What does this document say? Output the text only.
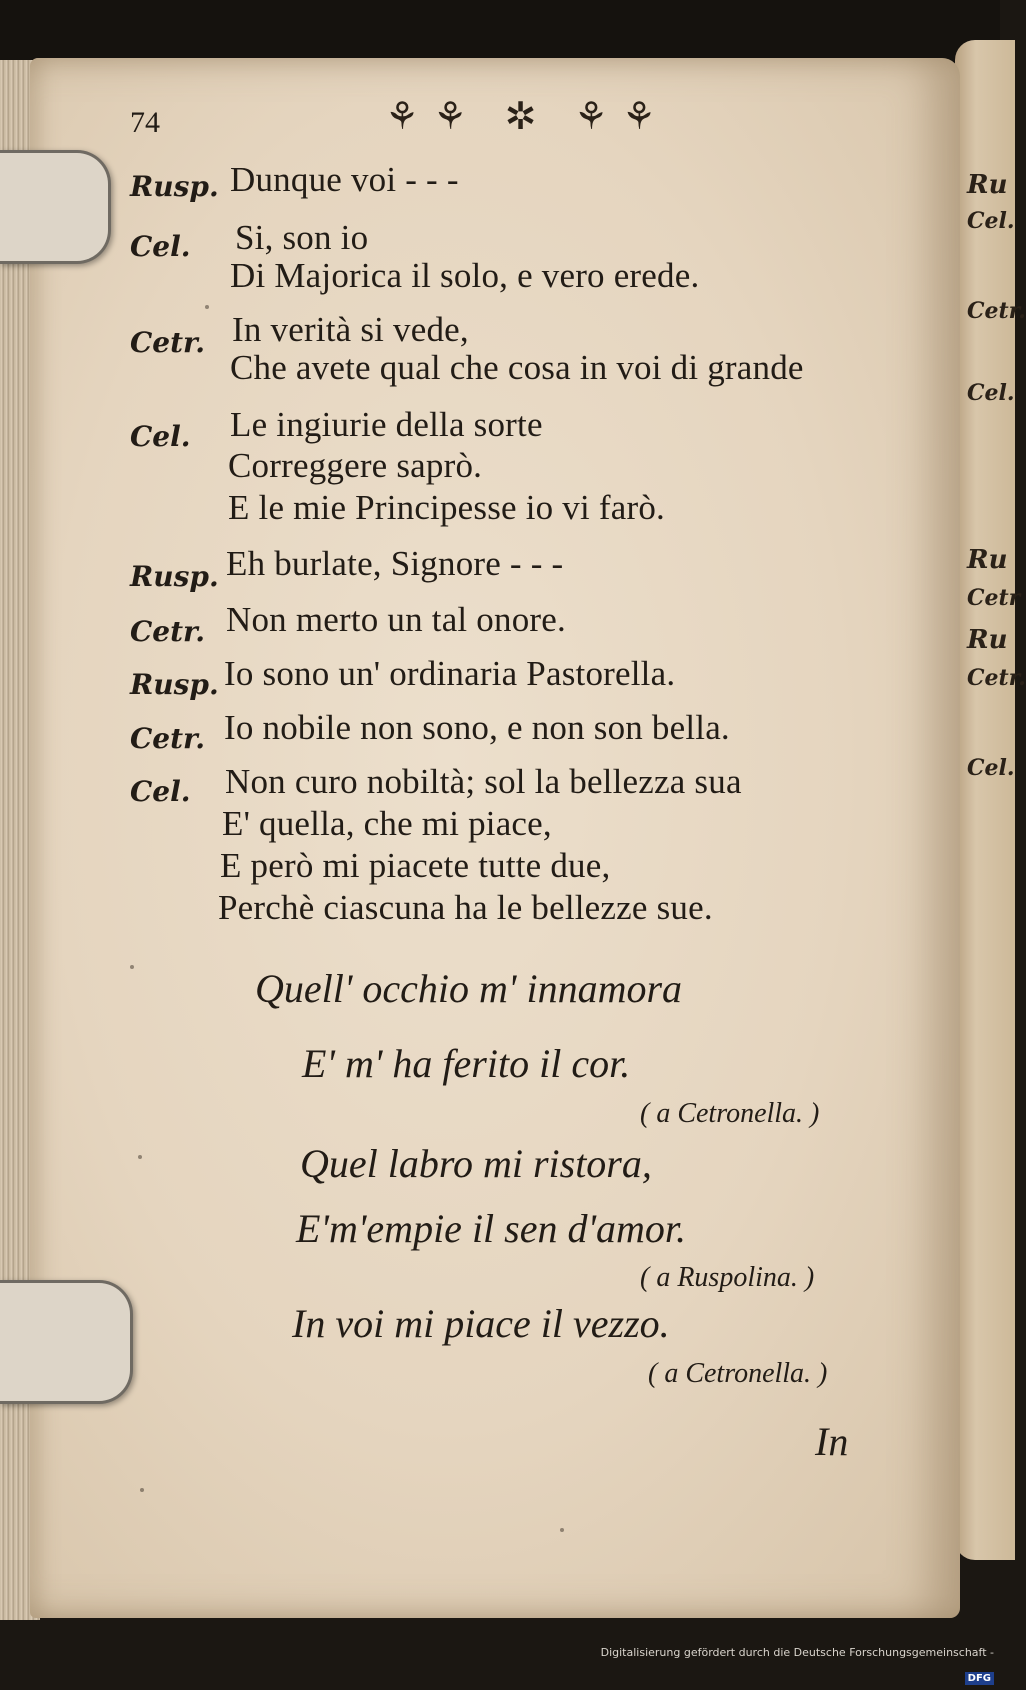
Ru
Cel.
Cetr.
Cel.
Ru
Cetr
Ru
Cetr.
Cel.
74	⚘⚘ ✲ ⚘⚘
Rusp. Dunque voi - - -
Cel. Si, son io
Di Majorica il solo, e vero erede.
Cetr. In verità si vede,
Che avete qual che cosa in voi di grande
Cel. Le ingiurie della sorte
Correggere saprò.
E le mie Principesse io vi farò.
Rusp. Eh burlate, Signore - - -
Cetr. Non merto un tal onore.
Rusp. Io sono un' ordinaria Pastorella.
Cetr. Io nobile non sono, e non son bella.
Cel. Non curo nobiltà; sol la bellezza sua
E' quella, che mi piace,
E però mi piacete tutte due,
Perchè ciascuna ha le bellezze sue.
Quell' occhio m' innamora
E' m' ha ferito il cor.
( a Cetronella. )
Quel labro mi ristora,
E'm'empie il sen d'amor.
( a Ruspolina. )
In voi mi piace il vezzo.
( a Cetronella. )
In
Digitalisierung gefördert durch die Deutsche Forschungsgemeinschaft -DFG
